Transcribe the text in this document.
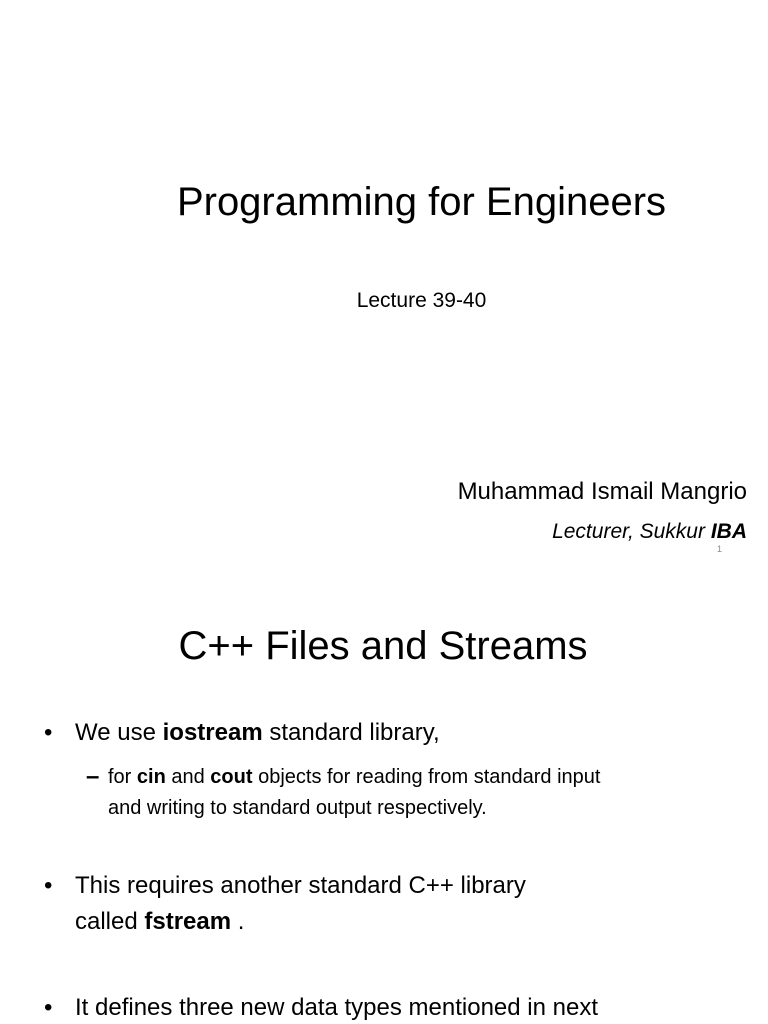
Programming for Engineers
Lecture 39-40
Muhammad Ismail Mangrio
Lecturer, Sukkur IBA
1
C++ Files and Streams
• We use iostream standard library,
– for cin and cout objects for reading from standard input
and writing to standard output respectively.
• This requires another standard C++ library
called fstream .
• It defines three new data types mentioned in next
